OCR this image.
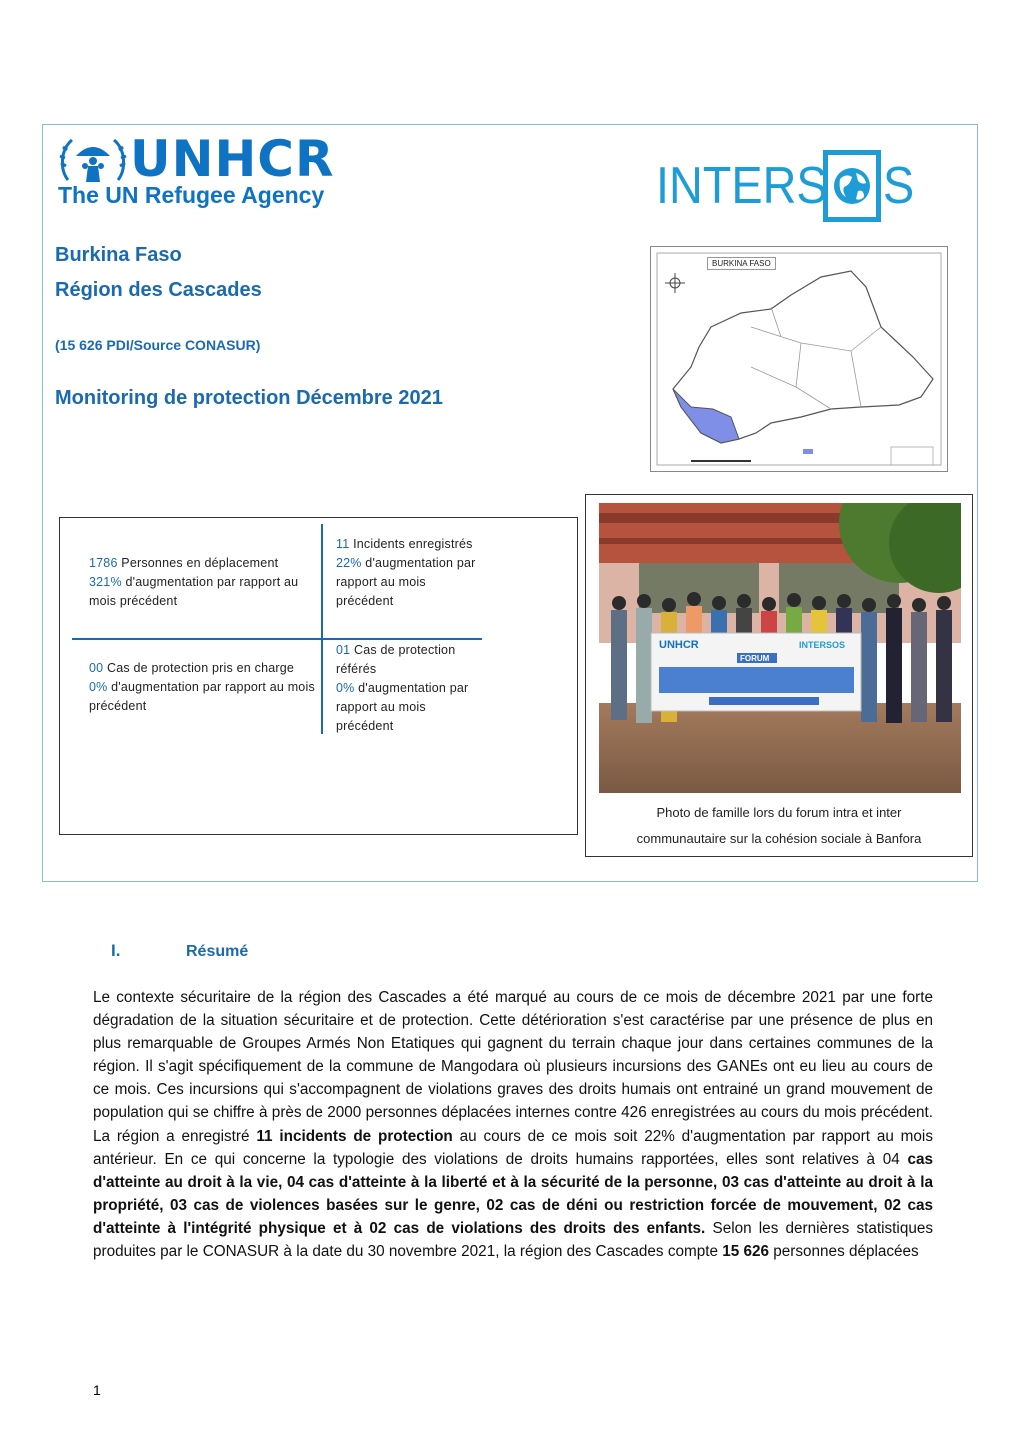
UNHCR
The UN Refugee Agency	INTERS S
Burkina Faso
Région des Cascades
(15 626 PDI/Source CONASUR)
Monitoring de protection Décembre 2021
BURKINA FASO
1786 Personnes en déplacement
321% d'augmentation par rapport au mois précédent
11 Incidents enregistrés
22% d'augmentation par rapport au mois précédent
00 Cas de protection pris en charge
0% d'augmentation par rapport au mois précédent
01 Cas de protection référés
0% d'augmentation par rapport au mois précédent
UNHCR	INTERSOS
FORUM
Photo de famille lors du forum intra et inter
communautaire sur la cohésion sociale à Banfora
I.	Résumé

Le contexte sécuritaire de la région des Cascades a été marqué au cours de ce mois de décembre 2021 par une forte dégradation de la situation sécuritaire et de protection. Cette détérioration s'est caractérise par une présence de plus en plus remarquable de Groupes Armés Non Etatiques qui gagnent du terrain chaque jour dans certaines communes de la région. Il s'agit spécifiquement de la commune de Mangodara où plusieurs incursions des GANEs ont eu lieu au cours de ce mois. Ces incursions qui s'accompagnent de violations graves des droits humais ont entrainé un grand mouvement de population qui se chiffre à près de 2000 personnes déplacées internes contre 426 enregistrées au cours du mois précédent. La région a enregistré 11 incidents de protection au cours de ce mois soit 22% d'augmentation par rapport au mois antérieur. En ce qui concerne la typologie des violations de droits humains rapportées, elles sont relatives à 04 cas d'atteinte au droit à la vie, 04 cas d'atteinte à la liberté et à la sécurité de la personne, 03 cas d'atteinte au droit à la propriété, 03 cas de violences basées sur le genre, 02 cas de déni ou restriction forcée de mouvement, 02 cas d'atteinte à l'intégrité physique et à 02 cas de violations des droits des enfants. Selon les dernières statistiques produites par le CONASUR à la date du 30 novembre 2021, la région des Cascades compte 15 626 personnes déplacées

1
